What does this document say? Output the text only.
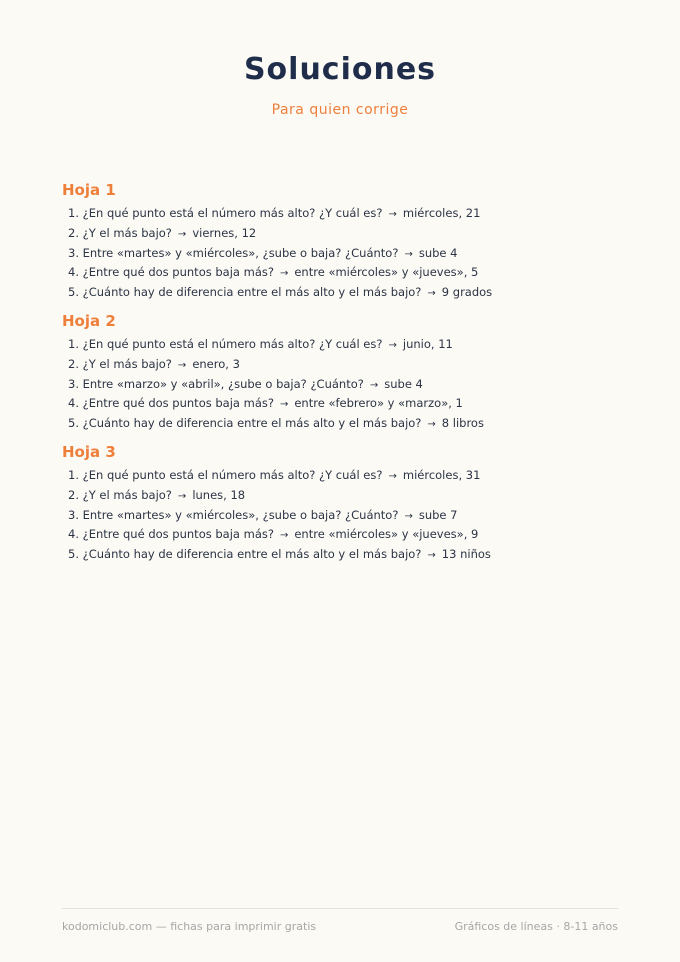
Soluciones
Para quien corrige
Hoja 1
1. ¿En qué punto está el número más alto? ¿Y cuál es? → miércoles, 21
2. ¿Y el más bajo? → viernes, 12
3. Entre «martes» y «miércoles», ¿sube o baja? ¿Cuánto? → sube 4
4. ¿Entre qué dos puntos baja más? → entre «miércoles» y «jueves», 5
5. ¿Cuánto hay de diferencia entre el más alto y el más bajo? → 9 grados
Hoja 2
1. ¿En qué punto está el número más alto? ¿Y cuál es? → junio, 11
2. ¿Y el más bajo? → enero, 3
3. Entre «marzo» y «abril», ¿sube o baja? ¿Cuánto? → sube 4
4. ¿Entre qué dos puntos baja más? → entre «febrero» y «marzo», 1
5. ¿Cuánto hay de diferencia entre el más alto y el más bajo? → 8 libros
Hoja 3
1. ¿En qué punto está el número más alto? ¿Y cuál es? → miércoles, 31
2. ¿Y el más bajo? → lunes, 18
3. Entre «martes» y «miércoles», ¿sube o baja? ¿Cuánto? → sube 7
4. ¿Entre qué dos puntos baja más? → entre «miércoles» y «jueves», 9
5. ¿Cuánto hay de diferencia entre el más alto y el más bajo? → 13 niños
kodomiclub.com — fichas para imprimir gratis	Gráficos de líneas · 8-11 años
